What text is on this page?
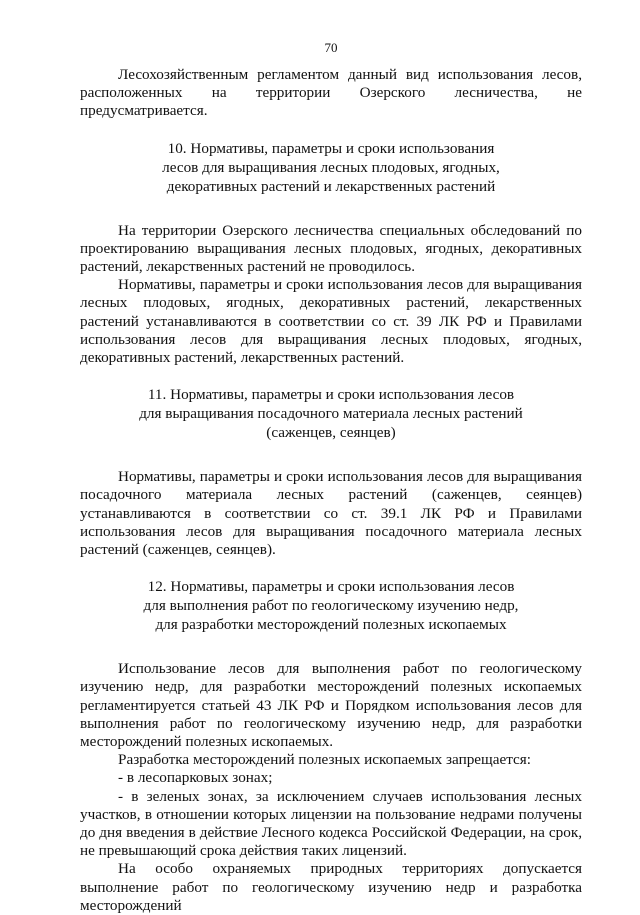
70

Лесохозяйственным регламентом данный вид использования лесов, расположенных на территории Озерского лесничества, не предусматривается.

10. Нормативы, параметры и сроки использования
лесов для выращивания лесных плодовых, ягодных,
декоративных растений и лекарственных растений

На территории Озерского лесничества специальных обследований по проектированию выращивания лесных плодовых, ягодных, декоративных растений, лекарственных растений не проводилось.

Нормативы, параметры и сроки использования лесов для выращивания лесных плодовых, ягодных, декоративных растений, лекарственных растений устанавливаются в соответствии со ст. 39 ЛК РФ и Правилами использования лесов для выращивания лесных плодовых, ягодных, декоративных растений, лекарственных растений.

11. Нормативы, параметры и сроки использования лесов
для выращивания посадочного материала лесных растений
(саженцев, сеянцев)

Нормативы, параметры и сроки использования лесов для выращивания посадочного материала лесных растений (саженцев, сеянцев) устанавливаются в соответствии со ст. 39.1 ЛК РФ и Правилами использования лесов для выращивания посадочного материала лесных растений (саженцев, сеянцев).

12. Нормативы, параметры и сроки использования лесов
для выполнения работ по геологическому изучению недр,
для разработки месторождений полезных ископаемых

Использование лесов для выполнения работ по геологическому изучению недр, для разработки месторождений полезных ископаемых регламентируется статьей 43 ЛК РФ и Порядком использования лесов для выполнения работ по геологическому изучению недр, для разработки месторождений полезных ископаемых.

Разработка месторождений полезных ископаемых запрещается:

- в лесопарковых зонах;

- в зеленых зонах, за исключением случаев использования лесных участков, в отношении которых лицензии на пользование недрами получены до дня введения в действие Лесного кодекса Российской Федерации, на срок, не превышающий срока действия таких лицензий.

На особо охраняемых природных территориях допускается выполнение работ по геологическому изучению недр и разработка месторождений
